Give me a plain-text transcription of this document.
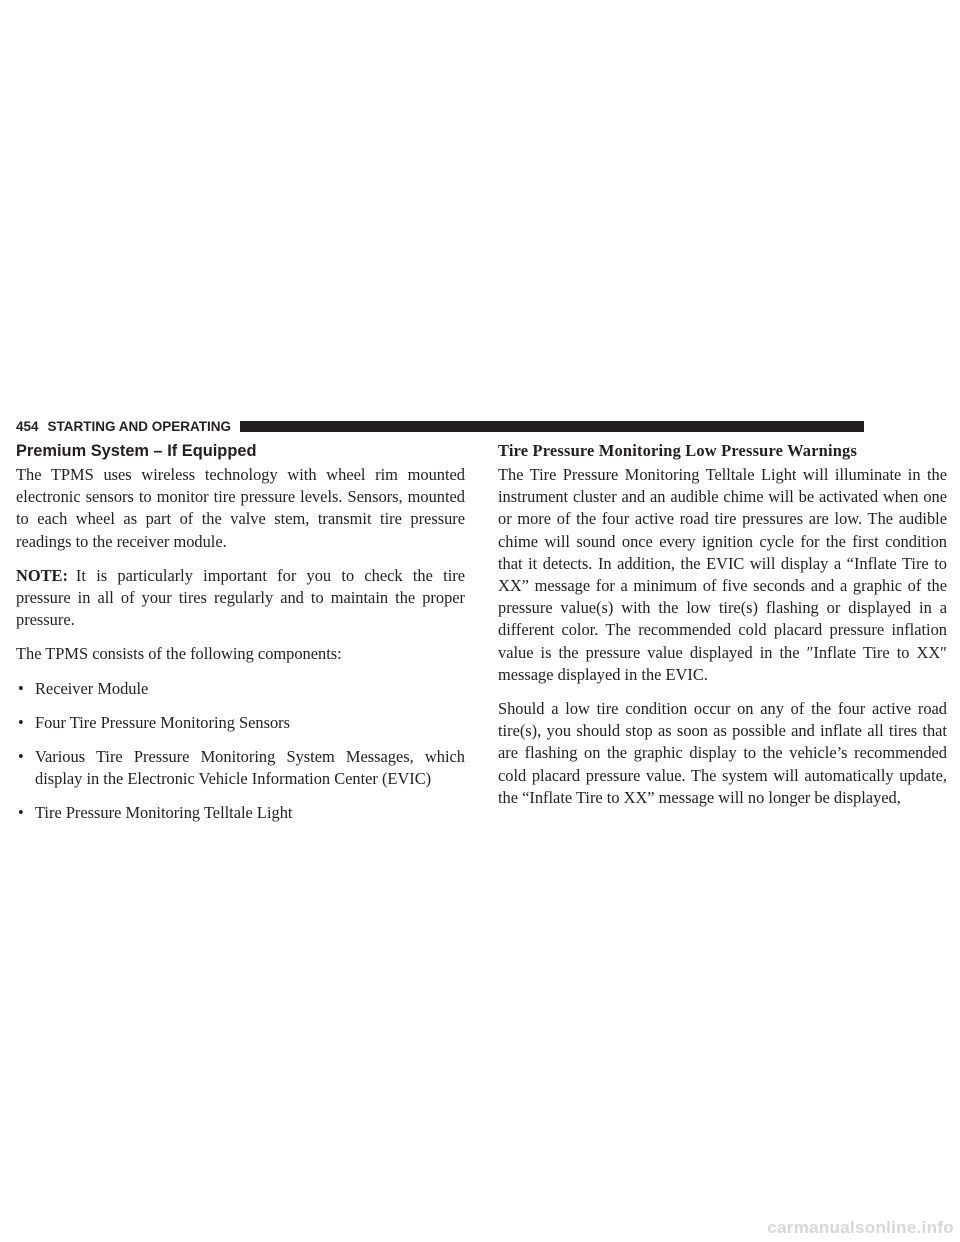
454 STARTING AND OPERATING
Premium System – If Equipped

The TPMS uses wireless technology with wheel rim mounted electronic sensors to monitor tire pressure levels. Sensors, mounted to each wheel as part of the valve stem, transmit tire pressure readings to the receiver module.

NOTE: It is particularly important for you to check the tire pressure in all of your tires regularly and to maintain the proper pressure.

The TPMS consists of the following components:

• Receiver Module
• Four Tire Pressure Monitoring Sensors
• Various Tire Pressure Monitoring System Messages, which display in the Electronic Vehicle Information Center (EVIC)
• Tire Pressure Monitoring Telltale Light
Tire Pressure Monitoring Low Pressure Warnings

The Tire Pressure Monitoring Telltale Light will illuminate in the instrument cluster and an audible chime will be activated when one or more of the four active road tire pressures are low. The audible chime will sound once every ignition cycle for the first condition that it detects. In addition, the EVIC will display a “Inflate Tire to XX” message for a minimum of five seconds and a graphic of the pressure value(s) with the low tire(s) flashing or displayed in a different color. The recommended cold placard pressure inflation value is the pressure value displayed in the ″Inflate Tire to XX″ message displayed in the EVIC.

Should a low tire condition occur on any of the four active road tire(s), you should stop as soon as possible and inflate all tires that are flashing on the graphic display to the vehicle’s recommended cold placard pressure value. The system will automatically update, the “Inflate Tire to XX” message will no longer be displayed,

carmanualsonline.info
